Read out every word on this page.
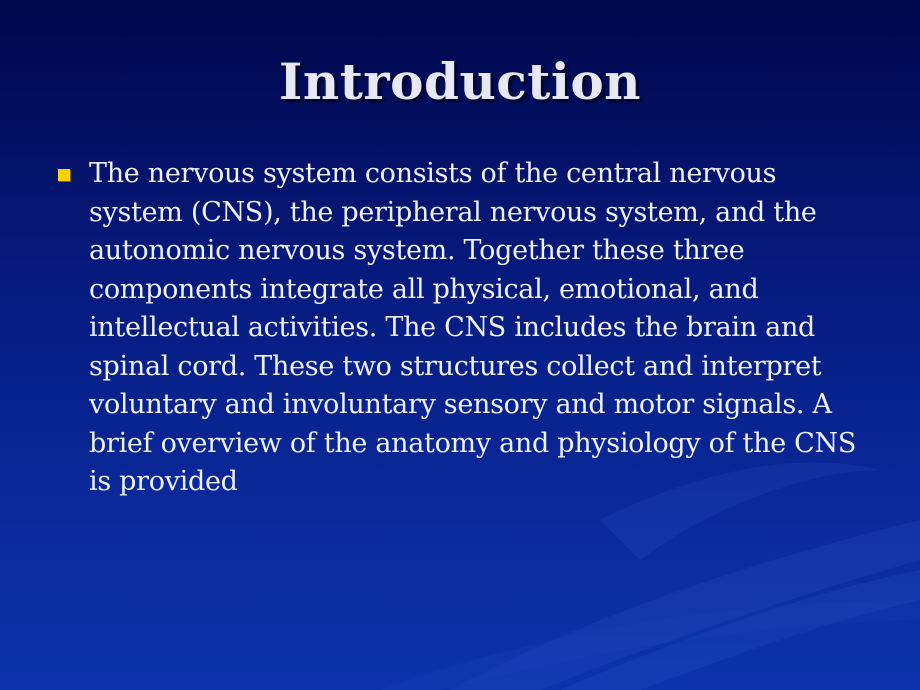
Introduction
The nervous system consists of the central nervous system (CNS), the peripheral nervous system, and the autonomic nervous system. Together these three components integrate all physical, emotional, and intellectual activities. The CNS includes the brain and spinal cord. These two structures collect and interpret voluntary and involuntary sensory and motor signals. A brief overview of the anatomy and physiology of the CNS is provided
